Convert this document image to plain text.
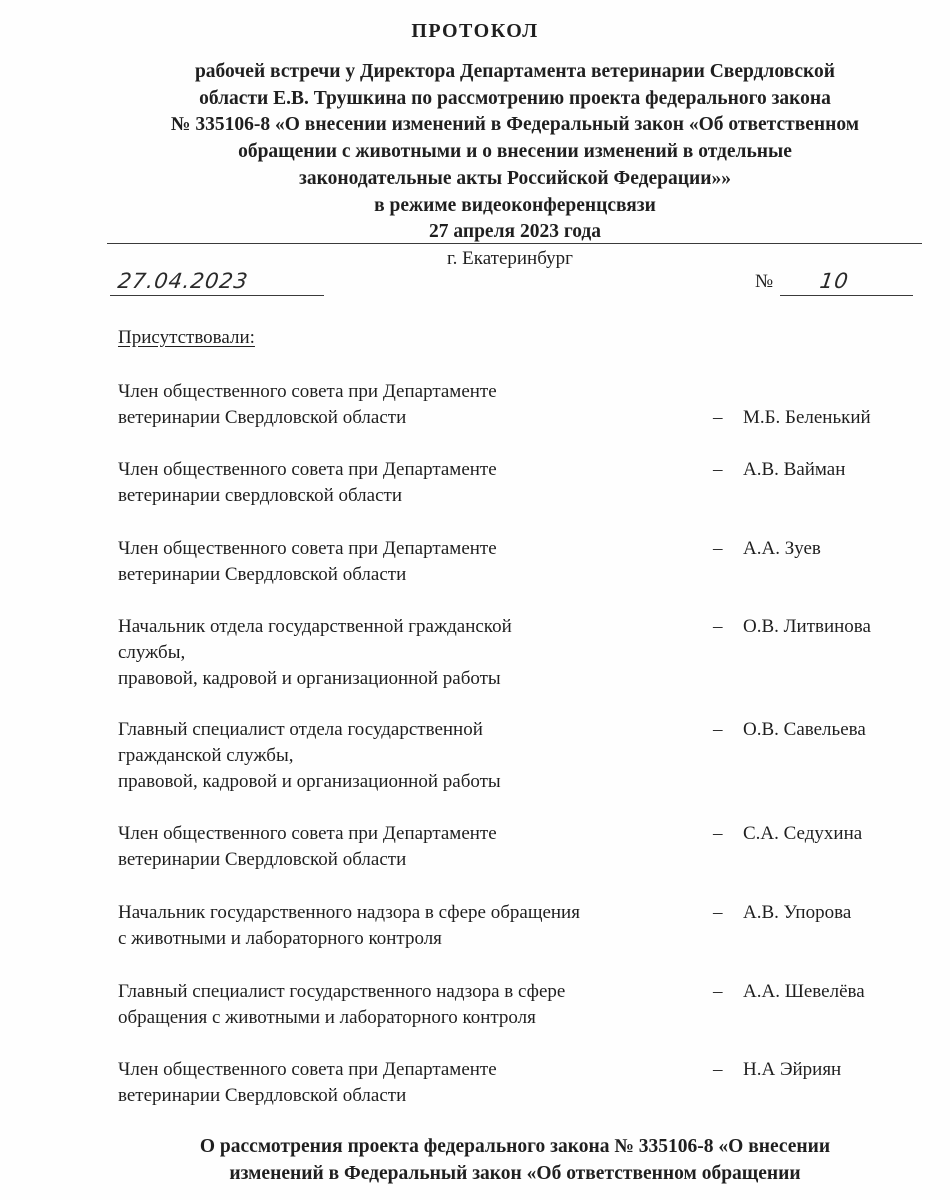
ПРОТОКОЛ
рабочей встречи у Директора Департамента ветеринарии Свердловской
области Е.В. Трушкина по рассмотрению проекта федерального закона
№ 335106-8 «О внесении изменений в Федеральный закон «Об ответственном
обращении с животными и о внесении изменений в отдельные
законодательные акты Российской Федерации»»
в режиме видеоконференцсвязи
27 апреля 2023 года

г. Екатеринбург

27.04.2023	№ 10

Присутствовали:

Член общественного совета при Департаменте
ветеринарии Свердловской области	– М.Б. Беленький
Член общественного совета при Департаменте
ветеринарии свердловской области
– А.В. Вайман
Член общественного совета при Департаменте
ветеринарии Свердловской области
– А.А. Зуев
Начальник отдела государственной гражданской
службы,
правовой, кадровой и организационной работы
– О.В. Литвинова
Главный специалист отдела государственной
гражданской службы,
правовой, кадровой и организационной работы
– О.В. Савельева
Член общественного совета при Департаменте
ветеринарии Свердловской области
– С.А. Седухина
Начальник государственного надзора в сфере обращения
с животными и лабораторного контроля
– А.В. Упорова
Главный специалист государственного надзора в сфере
обращения с животными и лабораторного контроля
– А.А. Шевелёва
Член общественного совета при Департаменте
ветеринарии Свердловской области
– Н.А Эйриян
О рассмотрения проекта федерального закона № 335106-8 «О внесении
изменений в Федеральный закон «Об ответственном обращении
